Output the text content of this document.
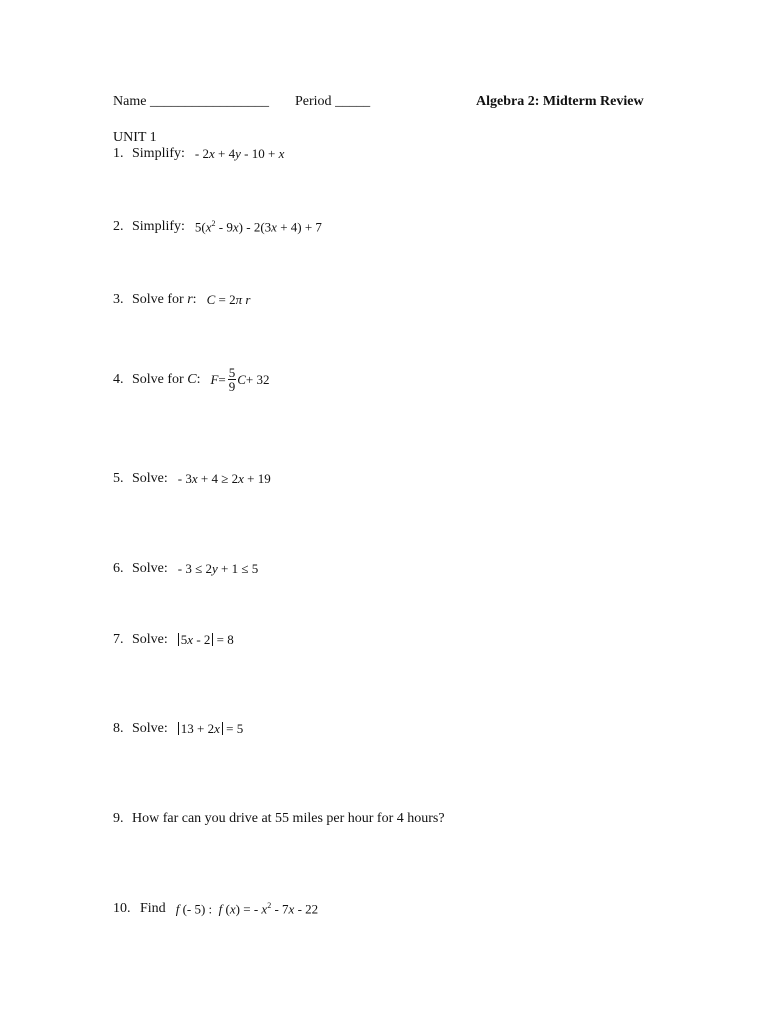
Name _________________ Period _____	Algebra 2: Midterm Review
UNIT 1
1. Simplify: - 2x + 4y - 10 + x
2. Simplify: $5(x^2 - 9x) - 2(3x + 4) + 7$
3. Solve for
r : C = 2π r
4. Solve for
C : $F = \frac{5}{9}$ C + 32
5. Solve: - 3x + 4 ≥ 2x + 19
6. Solve: - 3 ≤ 2y + 1 ≤ 5
7. Solve: 5x - 2 = 8
8. Solve: 13 + 2x = 5
9. How far can you drive at 55 miles per hour for 4 hours?
10. Find f (- 5) :  f (x) = - $x^2 - 7x - 22$
